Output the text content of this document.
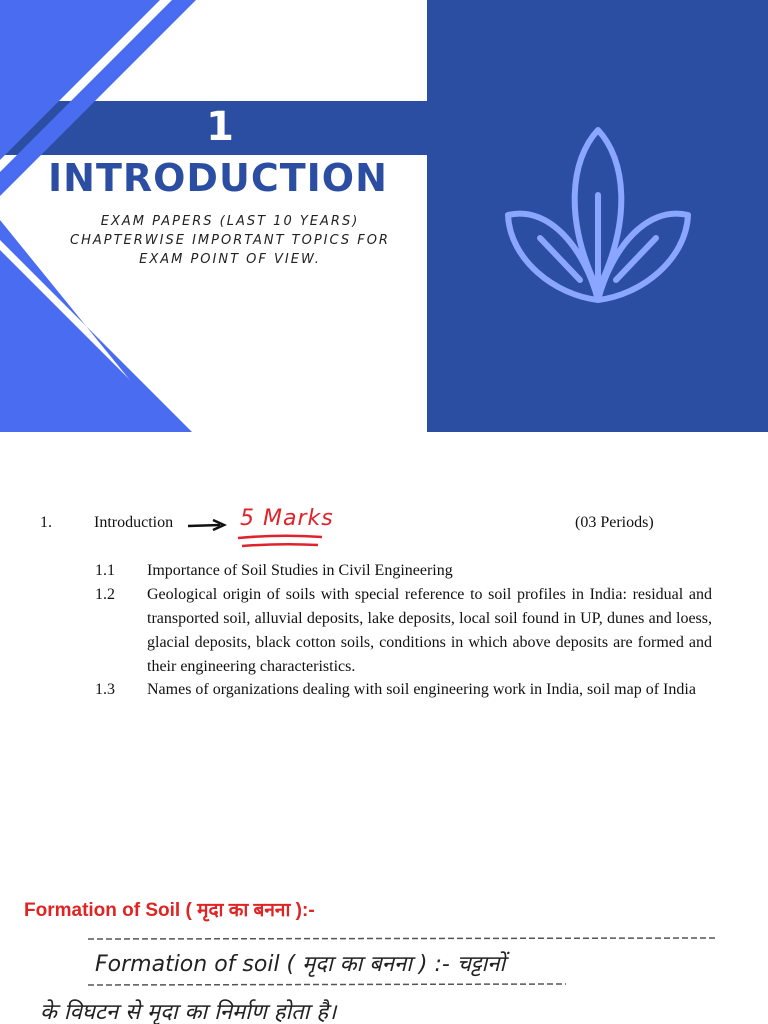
1
INTRODUCTION
EXAM PAPERS (LAST 10 YEARS)
CHAPTERWISE IMPORTANT TOPICS FOR
EXAM POINT OF VIEW.
1.	Introduction	5 Marks	(03 Periods)
1.1 Importance of Soil Studies in Civil Engineering
1.2 Geological origin of soils with special reference to soil profiles in India: residual and transported soil, alluvial deposits, lake deposits, local soil found in UP, dunes and loess, glacial deposits, black cotton soils, conditions in which above deposits are formed and their engineering characteristics.
1.3 Names of organizations dealing with soil engineering work in India, soil map of India
Formation of Soil ( मृदा का बनना ):-
Formation of soil ( मृदा का बनना ) :- चट्टानों
के विघटन से मृदा का निर्माण होता है।
